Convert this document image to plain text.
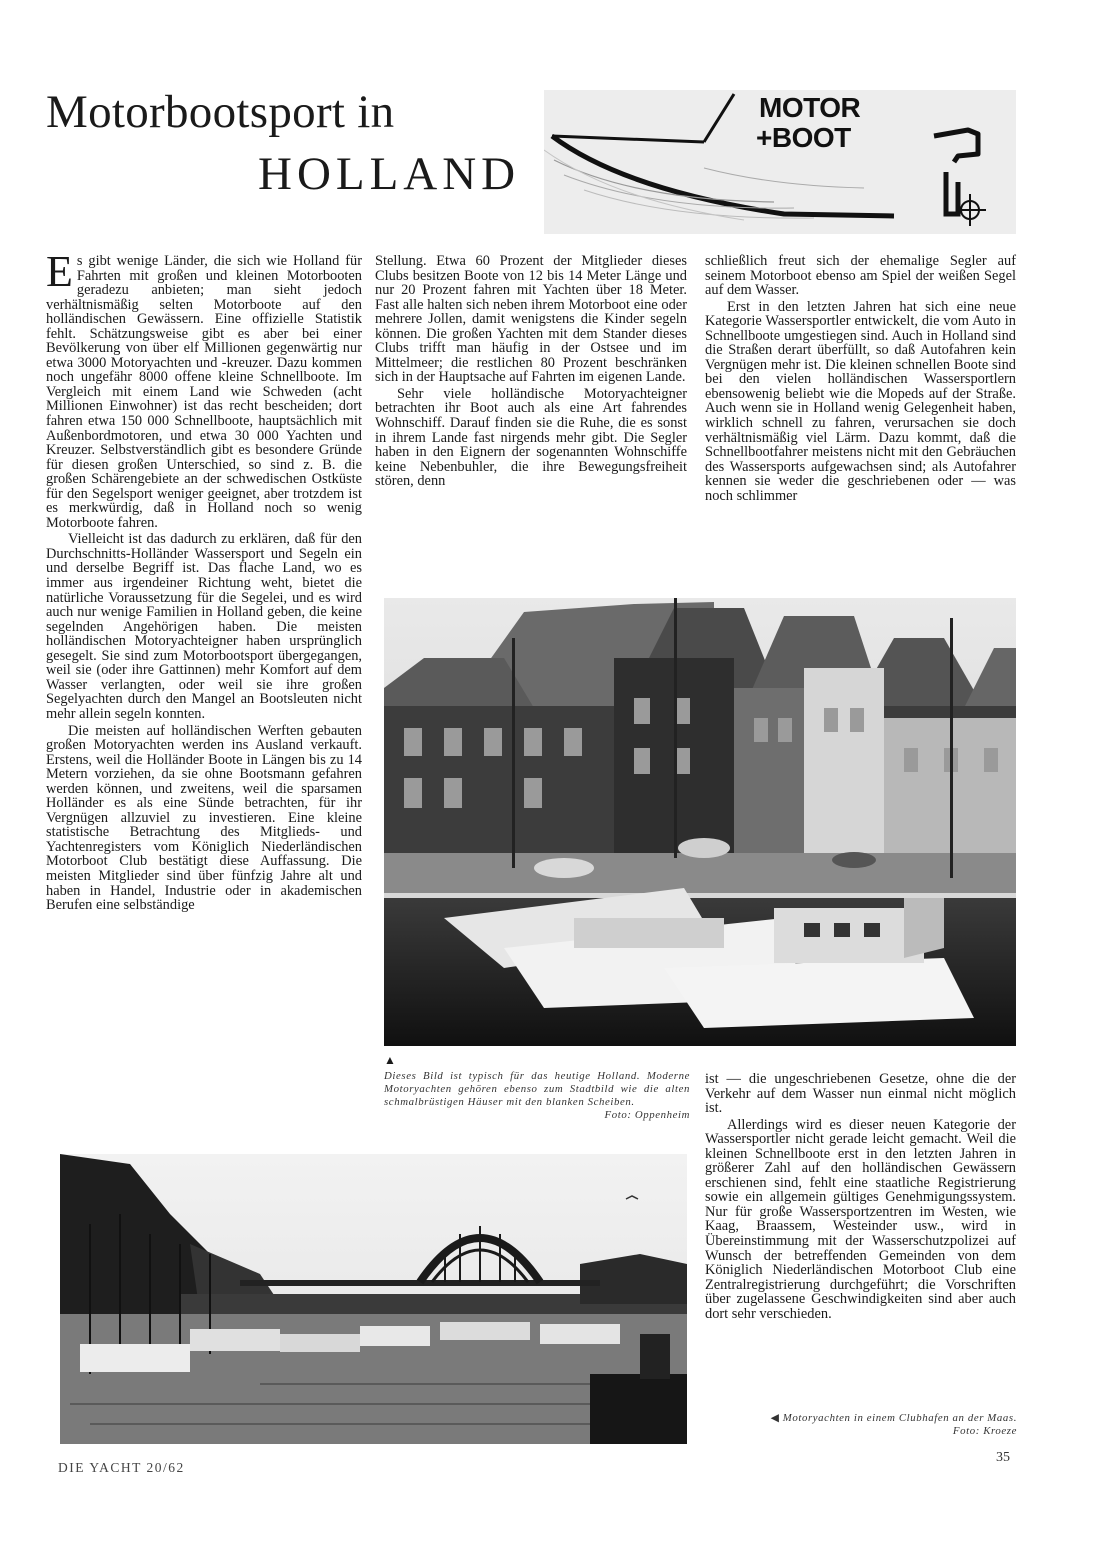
Motorbootsport in
HOLLAND
MOTOR
+BOOT

Es gibt wenige Länder, die sich wie Holland für Fahrten mit großen und kleinen Motorbooten geradezu anbieten; man sieht jedoch verhältnismäßig selten Motorboote auf den holländischen Gewässern. Eine offizielle Statistik fehlt. Schätzungsweise gibt es aber bei einer Bevölkerung von über elf Millionen gegenwärtig nur etwa 3000 Motoryachten und -kreuzer. Dazu kommen noch ungefähr 8000 offene kleine Schnellboote. Im Vergleich mit einem Land wie Schweden (acht Millionen Einwohner) ist das recht bescheiden; dort fahren etwa 150 000 Schnellboote, hauptsächlich mit Außenbordmotoren, und etwa 30 000 Yachten und Kreuzer. Selbstverständlich gibt es besondere Gründe für diesen großen Unterschied, so sind z. B. die großen Schärengebiete an der schwedischen Ostküste für den Segelsport weniger geeignet, aber trotzdem ist es merkwürdig, daß in Holland noch so wenig Motorboote fahren.

Vielleicht ist das dadurch zu erklären, daß für den Durchschnitts-Holländer Wassersport und Segeln ein und derselbe Begriff ist. Das flache Land, wo es immer aus irgendeiner Richtung weht, bietet die natürliche Voraussetzung für die Segelei, und es wird auch nur wenige Familien in Holland geben, die keine segelnden Angehörigen haben. Die meisten holländischen Motoryachteigner haben ursprünglich gesegelt. Sie sind zum Motorbootsport übergegangen, weil sie (oder ihre Gattinnen) mehr Komfort auf dem Wasser verlangten, oder weil sie ihre großen Segelyachten durch den Mangel an Bootsleuten nicht mehr allein segeln konnten.

Die meisten auf holländischen Werften gebauten großen Motoryachten werden ins Ausland verkauft. Erstens, weil die Holländer Boote in Längen bis zu 14 Metern vorziehen, da sie ohne Bootsmann gefahren werden können, und zweitens, weil die sparsamen Holländer es als eine Sünde betrachten, für ihr Vergnügen allzuviel zu investieren. Eine kleine statistische Betrachtung des Mitglieds- und Yachtenregisters vom Königlich Niederländischen Motorboot Club bestätigt diese Auffassung. Die meisten Mitglieder sind über fünfzig Jahre alt und haben in Handel, Industrie oder in akademischen Berufen eine selbständige

Stellung. Etwa 60 Prozent der Mitglieder dieses Clubs besitzen Boote von 12 bis 14 Meter Länge und nur 20 Prozent fahren mit Yachten über 18 Meter. Fast alle halten sich neben ihrem Motorboot eine oder mehrere Jollen, damit wenigstens die Kinder segeln können. Die großen Yachten mit dem Stander dieses Clubs trifft man häufig in der Ostsee und im Mittelmeer; die restlichen 80 Prozent beschränken sich in der Hauptsache auf Fahrten im eigenen Lande.

Sehr viele holländische Motoryachteigner betrachten ihr Boot auch als eine Art fahrendes Wohnschiff. Darauf finden sie die Ruhe, die es sonst in ihrem Lande fast nirgends mehr gibt. Die Segler haben in den Eignern der sogenannten Wohnschiffe keine Nebenbuhler, die ihre Bewegungsfreiheit stören, denn

schließlich freut sich der ehemalige Segler auf seinem Motorboot ebenso am Spiel der weißen Segel auf dem Wasser.

Erst in den letzten Jahren hat sich eine neue Kategorie Wassersportler entwickelt, die vom Auto in Schnellboote umgestiegen sind. Auch in Holland sind die Straßen derart überfüllt, so daß Autofahren kein Vergnügen mehr ist. Die kleinen schnellen Boote sind bei den vielen holländischen Wassersportlern ebensowenig beliebt wie die Mopeds auf der Straße. Auch wenn sie in Holland wenig Gelegenheit haben, wirklich schnell zu fahren, verursachen sie doch verhältnismäßig viel Lärm. Dazu kommt, daß die Schnellbootfahrer meistens nicht mit den Gebräuchen des Wassersports aufgewachsen sind; als Autofahrer kennen sie weder die geschriebenen oder — was noch schlimmer

▲
Dieses Bild ist typisch für das heutige Holland. Moderne Motoryachten gehören ebenso zum Stadtbild wie die alten schmalbrüstigen Häuser mit den blanken Scheiben.
Foto: Oppenheim

ist — die ungeschriebenen Gesetze, ohne die der Verkehr auf dem Wasser nun einmal nicht möglich ist.

Allerdings wird es dieser neuen Kategorie der Wassersportler nicht gerade leicht gemacht. Weil die kleinen Schnellboote erst in den letzten Jahren in größerer Zahl auf den holländischen Gewässern erschienen sind, fehlt eine staatliche Registrierung sowie ein allgemein gültiges Genehmigungssystem. Nur für große Wassersportzentren im Westen, wie Kaag, Braassem, Westeinder usw., wird in Übereinstimmung mit der Wasserschutzpolizei auf Wunsch der betreffenden Gemeinden von dem Königlich Niederländischen Motorboot Club eine Zentralregistrierung durchgeführt; die Vorschriften über zugelassene Geschwindigkeiten sind aber auch dort sehr verschieden.

◀ Motoryachten in einem Clubhafen an der Maas.
Foto: Kroeze
DIE YACHT 20/62
35
